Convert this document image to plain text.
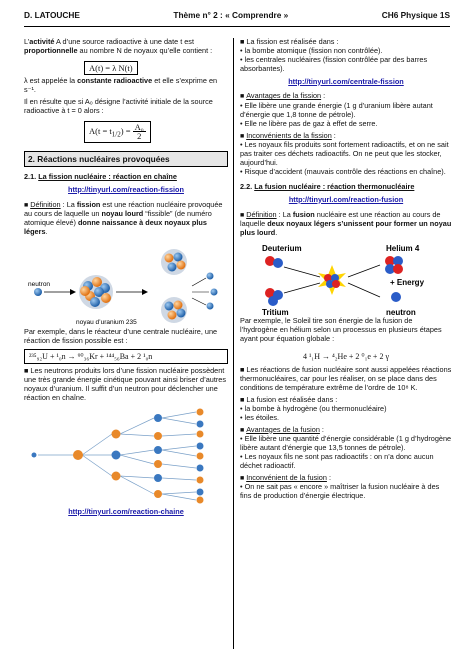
D. LATOUCHE	Thème n° 2 : « Comprendre »	CH6 Physique 1S

L’activité A d’une source radioactive à une date t est proportionnelle au nombre N de noyaux qu’elle contient :

A(t) = λ N(t)

λ est appelée la constante radioactive et elle s’exprime en s⁻¹.

Il en résulte que si A₀ désigne l’activité initiale de la source radioactive à t = 0 alors :

$A(t = t_{1/2}) = \frac{\text{A₀}}{2}$
2. Réactions nucléaires provoquées
2.1. La fission nucléaire : réaction en chaîne
http://tinyurl.com/reaction-fission

■ Définition : La fission est une réaction nucléaire provoquée au cours de laquelle un noyau lourd “fissible” (de numéro atomique élevé) donne naissance à deux noyaux plus légers.

neutron
noyau d’uranium 235

Par exemple, dans le réacteur d’une centrale nucléaire, une réaction de fission possible est :

²³⁵₉₂U + ¹₀n → ⁹⁰₃₆Kr + ¹⁴⁴₅₆Ba + 2 ¹₀n

■ Les neutrons produits lors d’une fission nucléaire possèdent une très grande énergie cinétique pouvant ainsi briser d’autres noyaux d’uranium. Il suffit d’un neutron pour déclencher une réaction en chaîne.

http://tinyurl.com/reaction-chaine

■ La fission est réalisée dans :

• la bombe atomique (fission non contrôlée).

• les centrales nucléaires (fission contrôlée par des barres absorbantes).

http://tinyurl.com/centrale-fission

■ Avantages de la fission :

• Elle libère une grande énergie (1 g d’uranium libère autant d’énergie que 1,8 tonne de pétrole).

• Elle ne libère pas de gaz à effet de serre.

■ Inconvénients de la fission :

• Les noyaux fils produits sont fortement radioactifs, et on ne sait pas traiter ces déchets radioactifs. On ne peut que les stocker, aujourd’hui.

• Risque d’accident (mauvais contrôle des réactions en chaîne).

2.2. La fusion nucléaire : réaction thermonucléaire
http://tinyurl.com/reaction-fusion

■ Définition : La fusion nucléaire est une réaction au cours de laquelle deux noyaux légers s’unissent pour former un noyau plus lourd.

Deuterium
Tritium
Helium 4
+ Energy
neutron

Par exemple, le Soleil tire son énergie de la fusion de l’hydrogène en hélium selon un processus en plusieurs étapes ayant pour équation globale :

4 ¹₁H → ⁴₂He + 2 ⁰₁e + 2 γ

■ Les réactions de fusion nucléaire sont aussi appelées réactions thermonucléaires, car pour les réaliser, on se place dans des conditions de température extrême de l’ordre de 10⁸ K.

■ La fusion est réalisée dans :

• la bombe à hydrogène (ou thermonucléaire)

• les étoiles.

■ Avantages de la fusion :

• Elle libère une quantité d’énergie considérable (1 g d’hydrogène libère autant d’énergie que 13,5 tonnes de pétrole).

• Les noyaux fils ne sont pas radioactifs : on n’a donc aucun déchet radioactif.

■ Inconvénient de la fusion :

• On ne sait pas « encore » maîtriser la fusion nucléaire à des fins de production d’énergie électrique.
